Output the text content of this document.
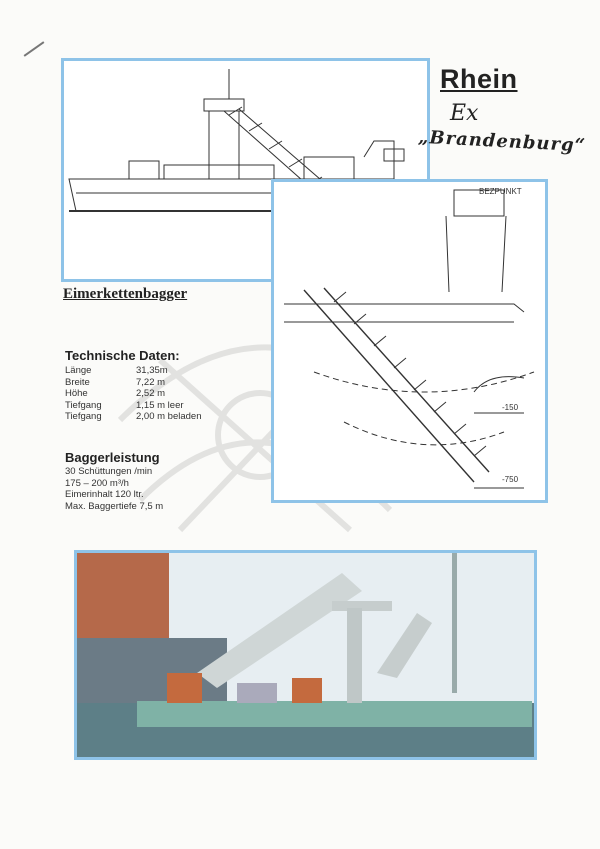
BEZPUNKT
-150
-750
Rhein
Ex
„Brandenburg“
Eimerkettenbagger
Technische Daten:
Länge	31,35m
Breite	7,22 m
Höhe	2,52 m
Tiefgang	1,15 m leer
Tiefgang	2,00 m beladen
Baggerleistung
30 Schüttungen /min
175 – 200 m³/h
Eimerinhalt 120 ltr.
Max. Baggertiefe 7,5 m
